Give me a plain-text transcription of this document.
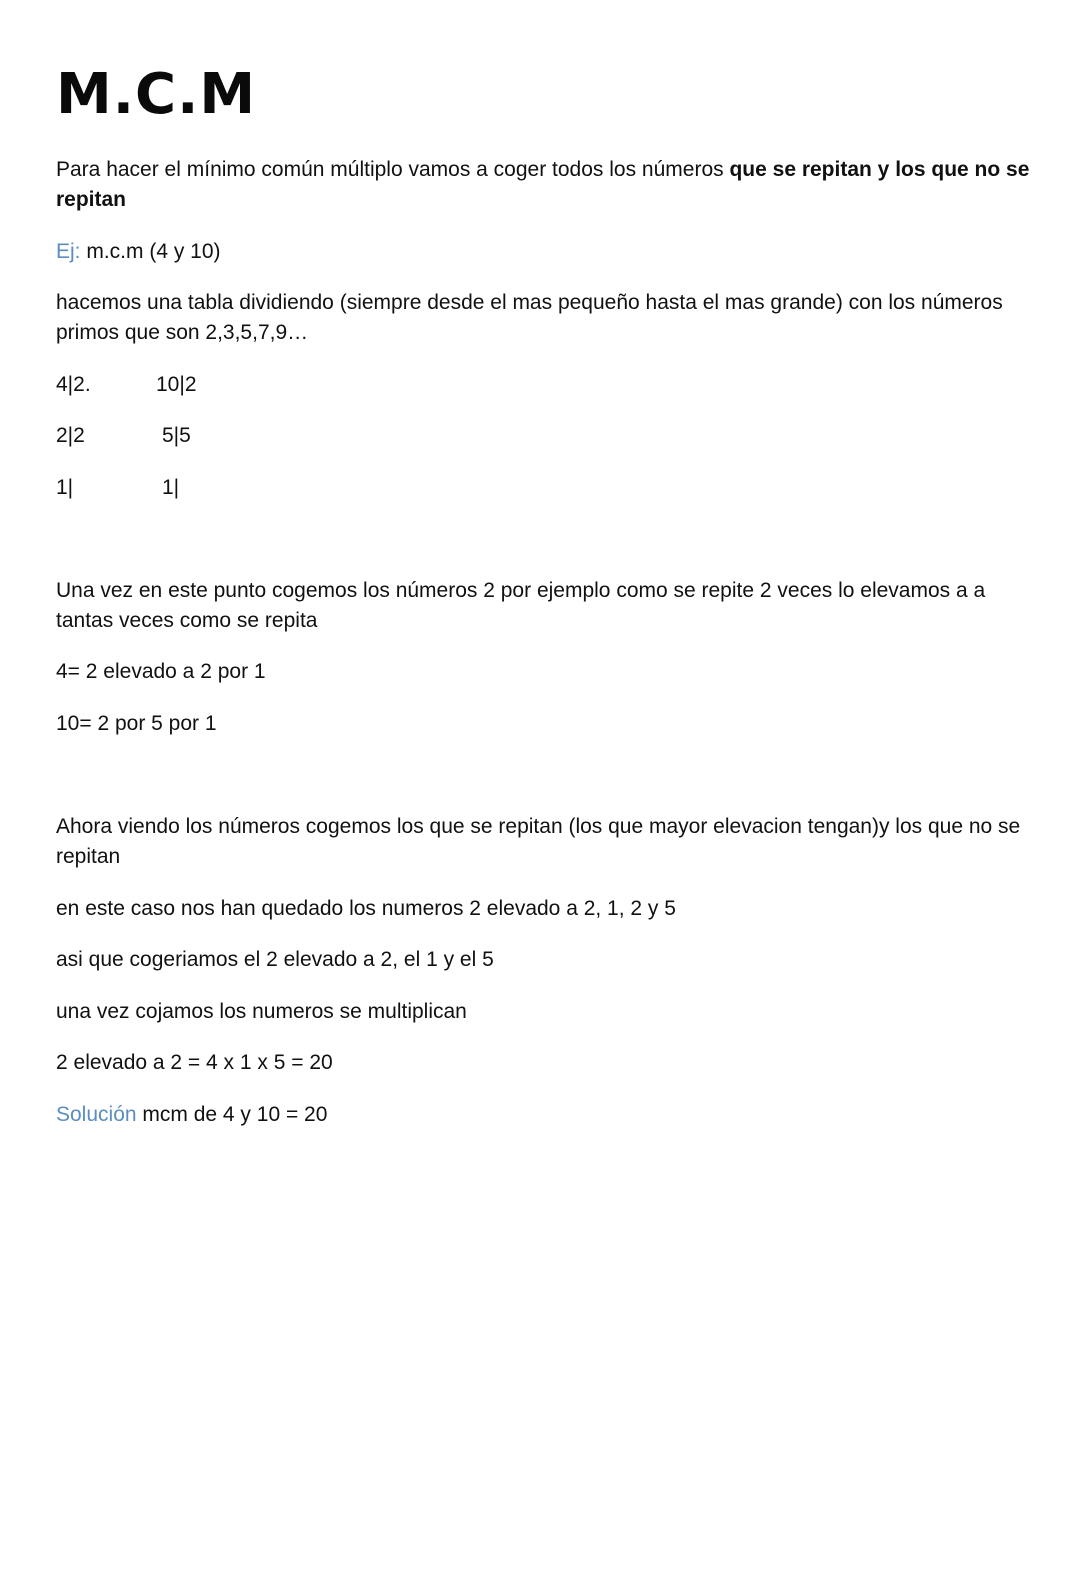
M.C.M

Para hacer el mínimo común múltiplo vamos a coger todos los números que se repitan y los que no se repitan

Ej: m.c.m (4 y 10)

hacemos una tabla dividiendo (siempre desde el mas pequeño hasta el mas grande) con los números primos que son 2,3,5,7,9…

4|2.	10|2

2|2	5|5

1|	1|

Una vez en este punto cogemos los números 2 por ejemplo como se repite 2 veces lo elevamos a a tantas veces como se repita

4= 2 elevado a 2 por 1

10= 2 por 5 por 1

Ahora viendo los números cogemos los que se repitan (los que mayor elevacion tengan)y los que no se repitan

en este caso nos han quedado los numeros 2 elevado a 2, 1, 2 y 5

asi que cogeriamos el 2 elevado a 2, el 1 y el 5

una vez cojamos los numeros se multiplican

2 elevado a 2 = 4 x 1 x 5 = 20

Solución mcm de 4 y 10 = 20
